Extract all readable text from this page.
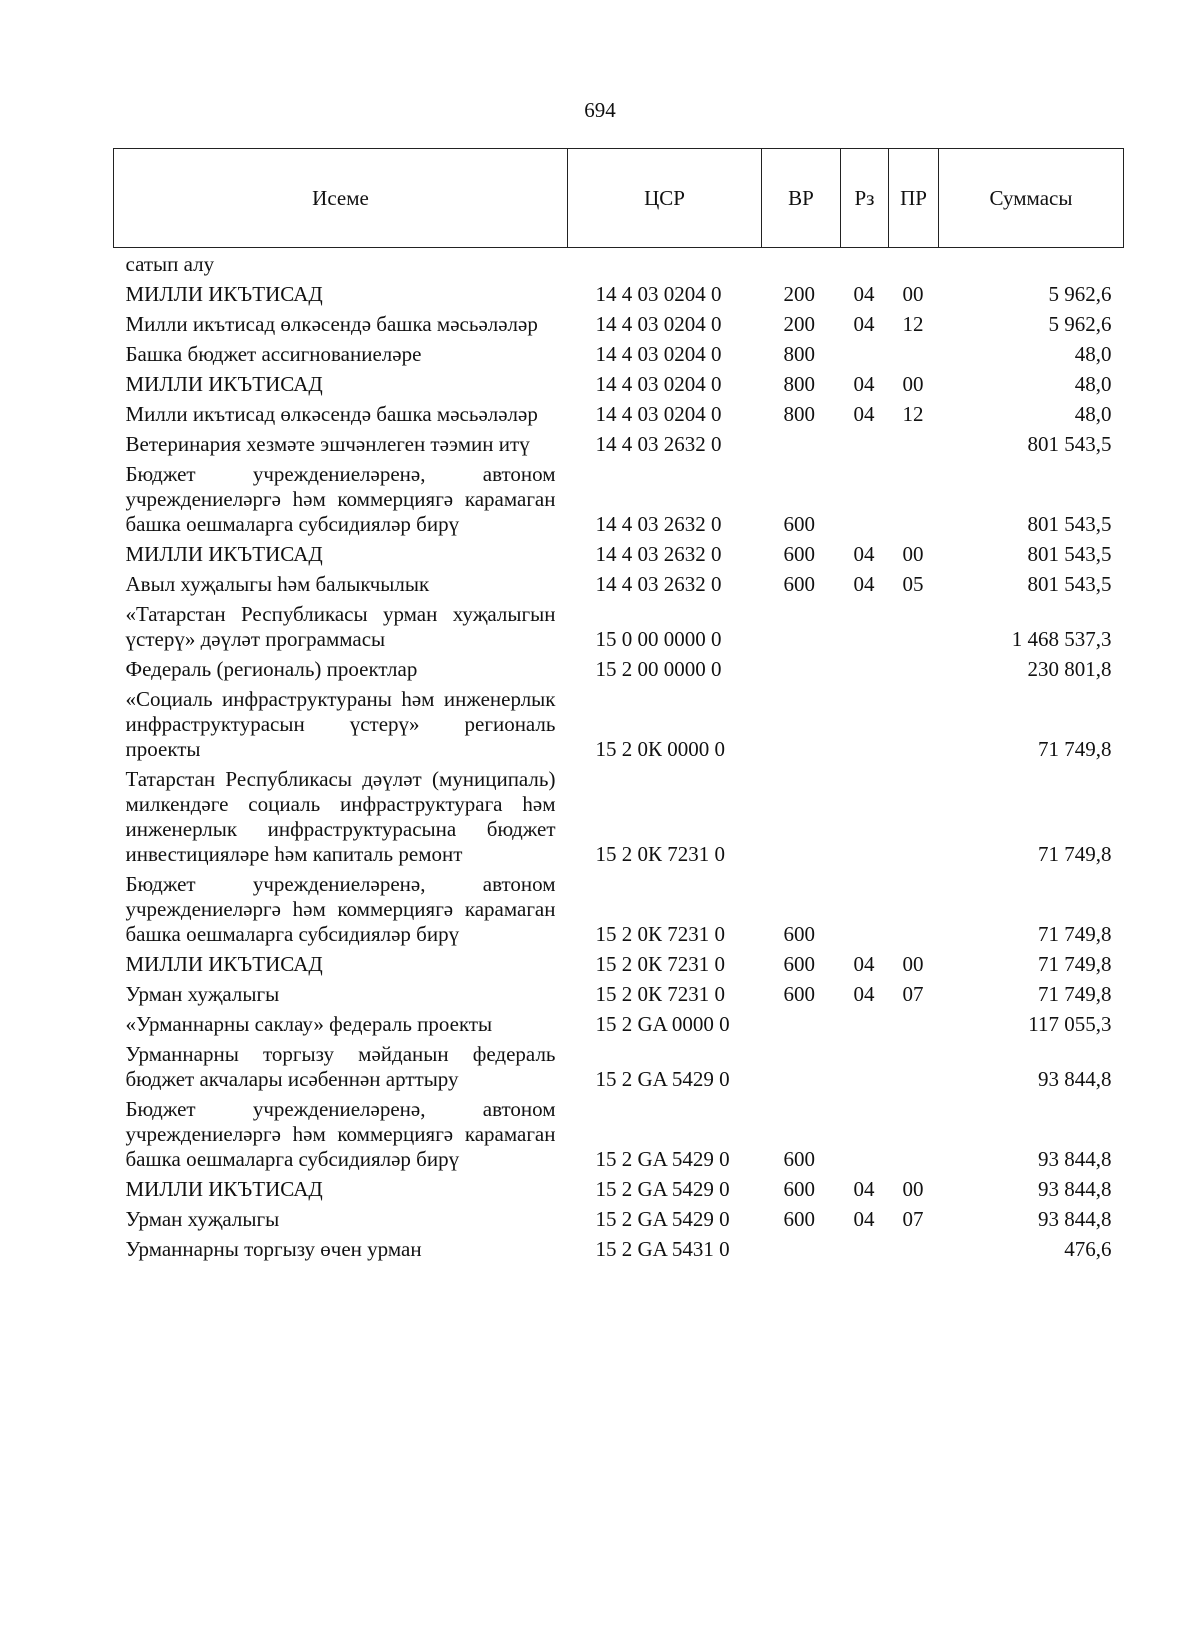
694
Исеме	ЦСР	ВР	Рз	ПР	Суммасы
сатып алу					
МИЛЛИ ИКЪТИСАД	14 4 03 0204 0	200	04	00	5 962,6
Милли икътисад өлкәсендә башка мәсьәләләр	14 4 03 0204 0	200	04	12	5 962,6
Башка бюджет ассигнованиеләре	14 4 03 0204 0	800			48,0
МИЛЛИ ИКЪТИСАД	14 4 03 0204 0	800	04	00	48,0
Милли икътисад өлкәсендә башка мәсьәләләр	14 4 03 0204 0	800	04	12	48,0
Ветеринария хезмәте эшчәнлеген тәэмин итү	14 4 03 2632 0				801 543,5
Бюджет учреждениеләренә, автоном учреждениеләргә һәм коммерциягә карамаган башка оешмаларга субсидияләр бирү	14 4 03 2632 0	600			801 543,5
МИЛЛИ ИКЪТИСАД	14 4 03 2632 0	600	04	00	801 543,5
Авыл хуҗалыгы һәм балыкчылык	14 4 03 2632 0	600	04	05	801 543,5
«Татарстан Республикасы урман хуҗалыгын үстерү» дәүләт программасы	15 0 00 0000 0				1 468 537,3
Федераль (региональ) проектлар	15 2 00 0000 0				230 801,8
«Социаль инфраструктураны һәм инженерлык инфраструктурасын үстерү» региональ проекты	15 2 0К 0000 0				71 749,8
Татарстан Республикасы дәүләт (муниципаль) милкендәге социаль инфраструктурага һәм инженерлык инфраструктурасына бюджет инвестицияләре һәм капиталь ремонт	15 2 0К 7231 0				71 749,8
Бюджет учреждениеләренә, автоном учреждениеләргә һәм коммерциягә карамаган башка оешмаларга субсидияләр бирү	15 2 0К 7231 0	600			71 749,8
МИЛЛИ ИКЪТИСАД	15 2 0К 7231 0	600	04	00	71 749,8
Урман хуҗалыгы	15 2 0К 7231 0	600	04	07	71 749,8
«Урманнарны саклау» федераль проекты	15 2 GA 0000 0				117 055,3
Урманнарны торгызу мәйданын федераль бюджет акчалары исәбеннән арттыру	15 2 GA 5429 0				93 844,8
Бюджет учреждениеләренә, автоном учреждениеләргә һәм коммерциягә карамаган башка оешмаларга субсидияләр бирү	15 2 GA 5429 0	600			93 844,8
МИЛЛИ ИКЪТИСАД	15 2 GA 5429 0	600	04	00	93 844,8
Урман хуҗалыгы	15 2 GA 5429 0	600	04	07	93 844,8
Урманнарны торгызу өчен урман	15 2 GA 5431 0				476,6
